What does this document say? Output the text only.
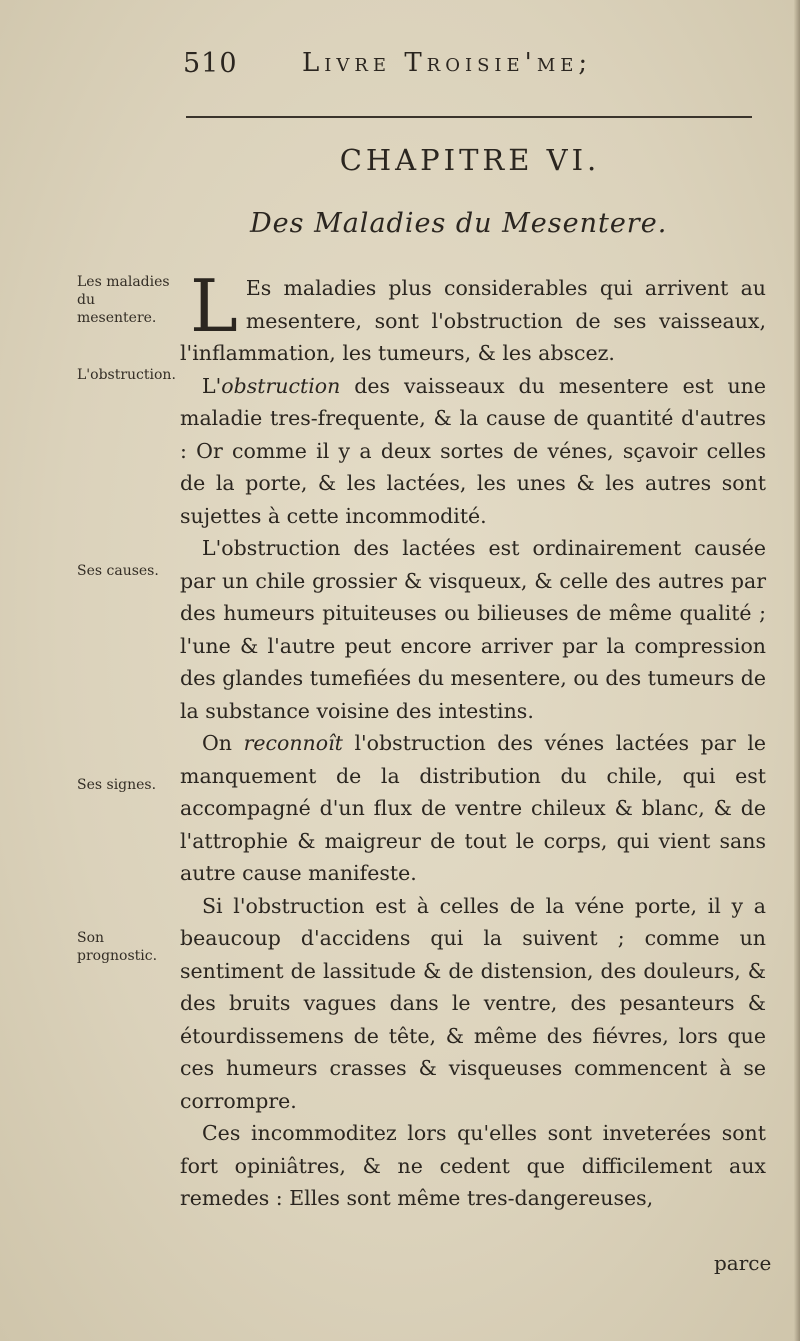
510 Livre Troisie'me;
CHAPITRE VI.
Des Maladies du Mesentere.
Les maladies du mesentere.
L'obstruction.
Ses causes.
Ses signes.
Son prognostic.

L Es maladies plus considerables qui arrivent au mesentere, sont l'obstruction de ses vaisseaux, l'inflammation, les tumeurs, & les abscez.

L'obstruction des vaisseaux du mesentere est une maladie tres-frequente, & la cause de quantité d'autres : Or comme il y a deux sortes de vénes, sçavoir celles de la porte, & les lactées, les unes & les autres sont sujettes à cette incommodité.

L'obstruction des lactées est ordinairement causée par un chile grossier & visqueux, & celle des autres par des humeurs pituiteuses ou bilieuses de même qualité ; l'une & l'autre peut encore arriver par la compression des glandes tumefiées du mesentere, ou des tumeurs de la substance voisine des intestins.

On reconnoît l'obstruction des vénes lactées par le manquement de la distribution du chile, qui est accompagné d'un flux de ventre chileux & blanc, & de l'attrophie & maigreur de tout le corps, qui vient sans autre cause manifeste.

Si l'obstruction est à celles de la véne porte, il y a beaucoup d'accidens qui la suivent ; comme un sentiment de lassitude & de distension, des douleurs, & des bruits vagues dans le ventre, des pesanteurs & étourdissemens de tête, & même des fiévres, lors que ces humeurs crasses & visqueuses commencent à se corrompre.

Ces incommoditez lors qu'elles sont inveterées sont fort opiniâtres, & ne cedent que difficilement aux remedes : Elles sont même tres-dangereuses,

parce
